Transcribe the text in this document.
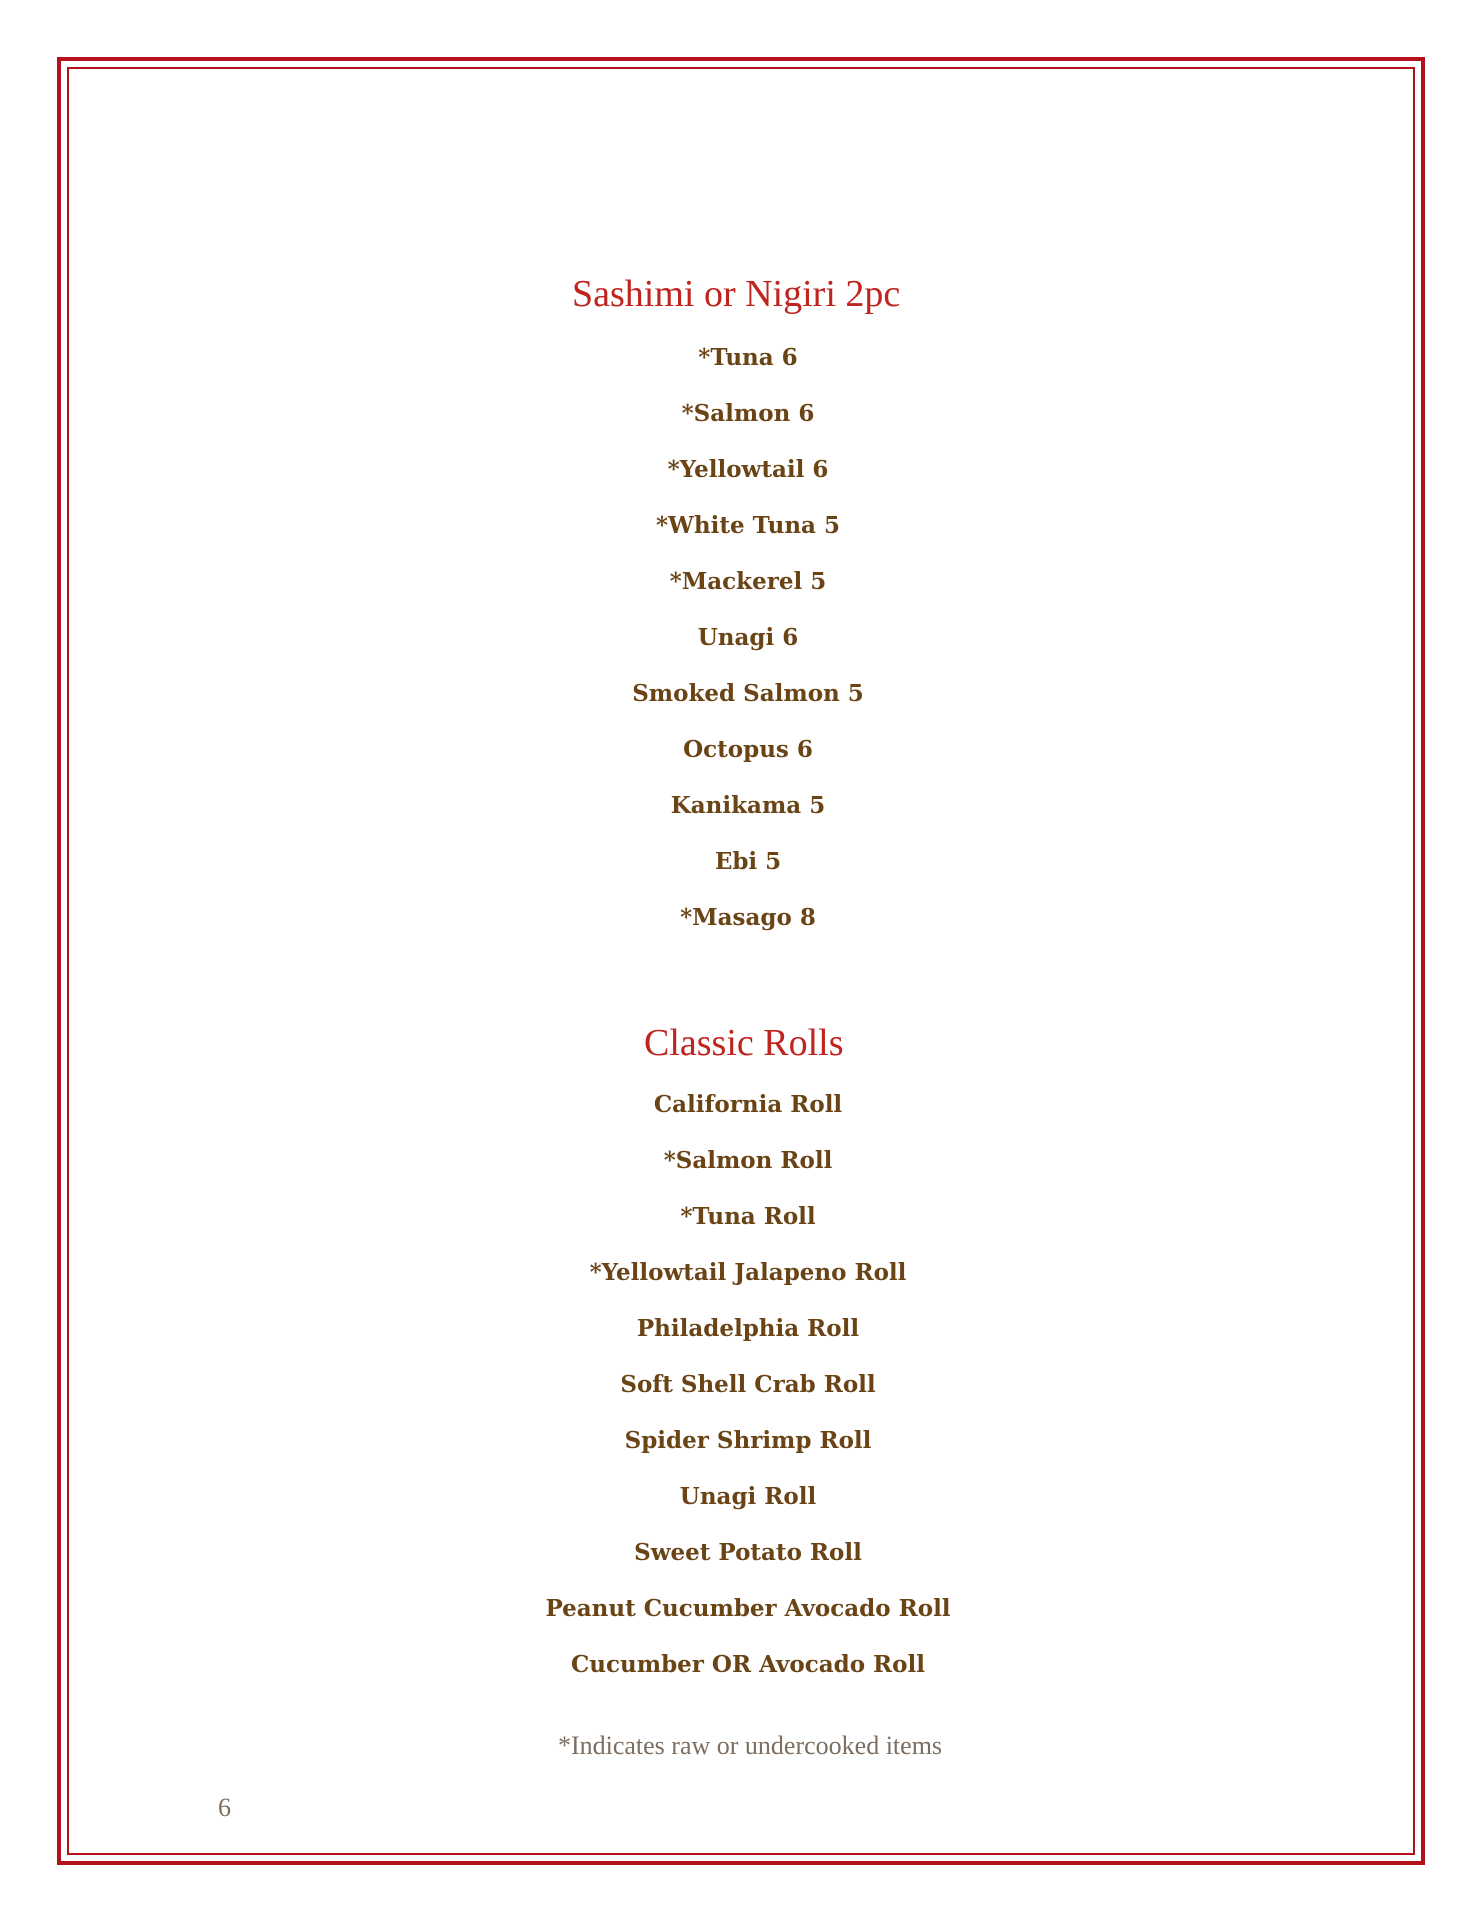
Sashimi or Nigiri 2pc
*Tuna 6
*Salmon 6
*Yellowtail 6
*White Tuna 5
*Mackerel 5
Unagi 6
Smoked Salmon 5
Octopus 6
Kanikama 5
Ebi 5
*Masago 8
Classic Rolls
California Roll
*Salmon Roll
*Tuna Roll
*Yellowtail Jalapeno Roll
Philadelphia Roll
Soft Shell Crab Roll
Spider Shrimp Roll
Unagi Roll
Sweet Potato Roll
Peanut Cucumber Avocado Roll
Cucumber OR Avocado Roll
*Indicates raw or undercooked items
6
